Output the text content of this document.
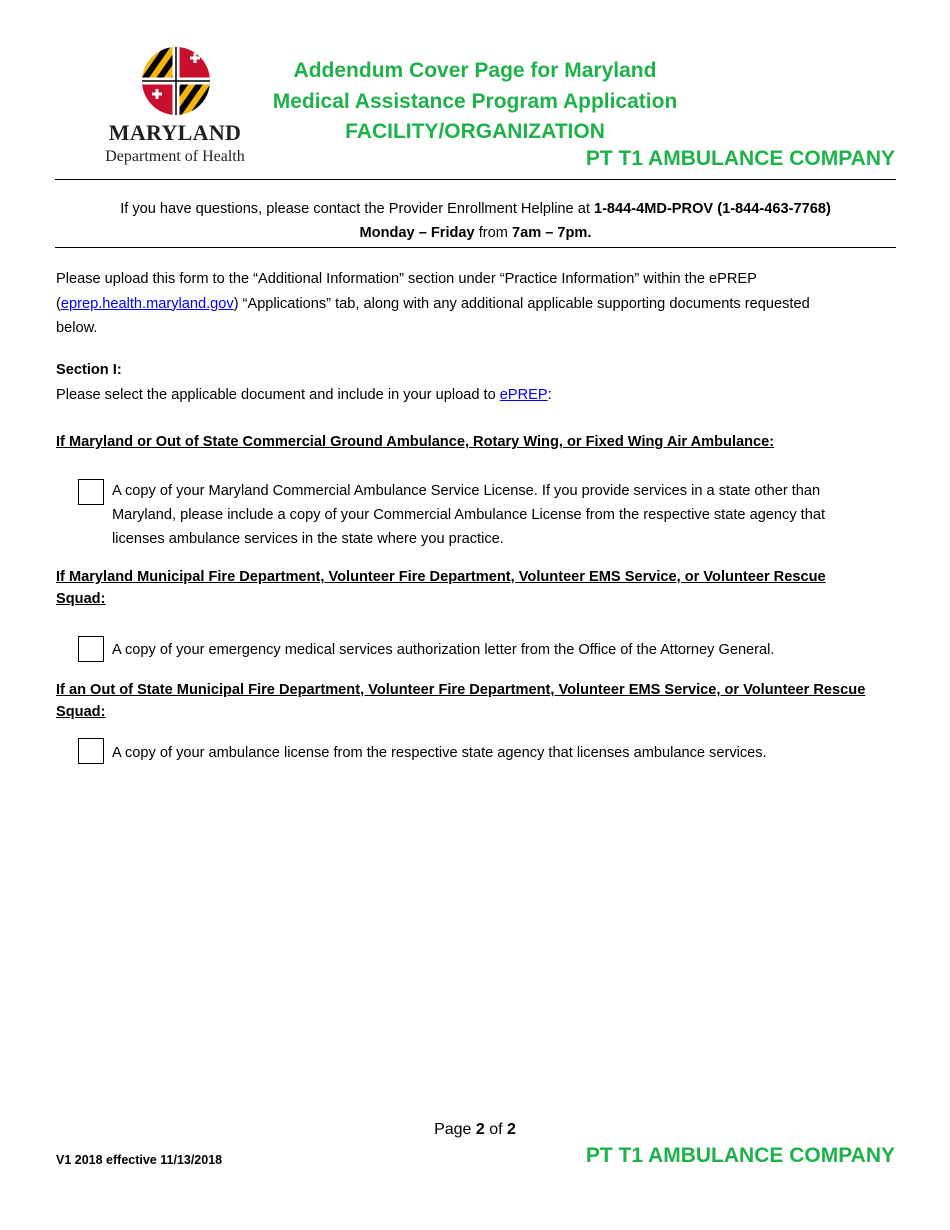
MARYLAND
Department of Health
Addendum Cover Page for Maryland
Medical Assistance Program Application
FACILITY/ORGANIZATION
PT T1 AMBULANCE COMPANY
If you have questions, please contact the Provider Enrollment Helpline at 1-844-4MD-PROV (1-844-463-7768)
Monday – Friday from 7am – 7pm.
Please upload this form to the “Additional Information” section under “Practice Information” within the ePREP
(eprep.health.maryland.gov) “Applications” tab, along with any additional applicable supporting documents requested
below.
Section I:
Please select the applicable document and include in your upload to ePREP:
If Maryland or Out of State Commercial Ground Ambulance, Rotary Wing, or Fixed Wing Air Ambulance:
A copy of your Maryland Commercial Ambulance Service License. If you provide services in a state other than
Maryland, please include a copy of your Commercial Ambulance License from the respective state agency that
licenses ambulance services in the state where you practice.
If Maryland Municipal Fire Department, Volunteer Fire Department, Volunteer EMS Service, or Volunteer Rescue
Squad:
A copy of your emergency medical services authorization letter from the Office of the Attorney General.
If an Out of State Municipal Fire Department, Volunteer Fire Department, Volunteer EMS Service, or Volunteer Rescue
Squad:
A copy of your ambulance license from the respective state agency that licenses ambulance services.
Page 2 of 2
V1 2018 effective 11/13/2018	PT T1 AMBULANCE COMPANY
